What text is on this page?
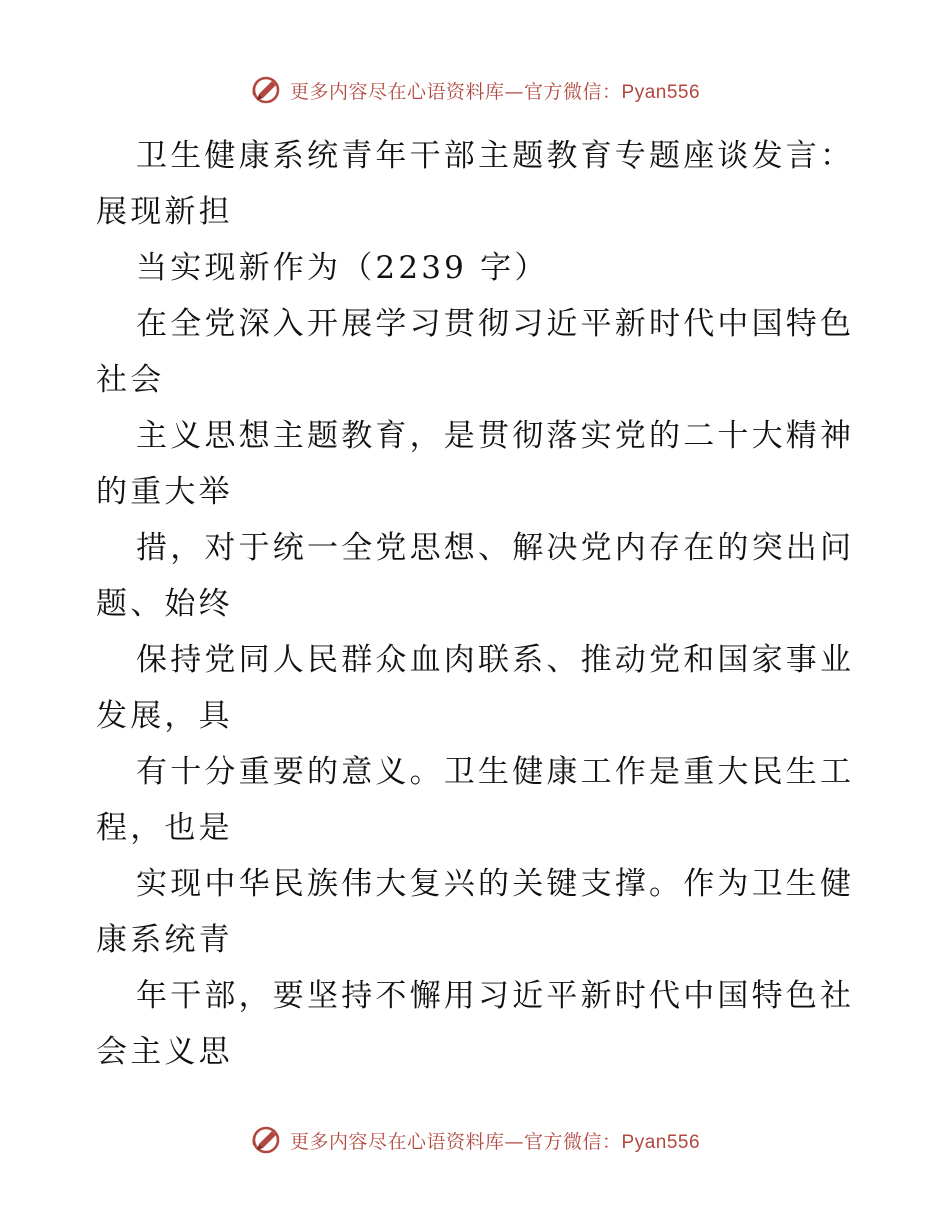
更多内容尽在心语资料库—官方微信：Pyan556
卫生健康系统青年干部主题教育专题座谈发言：
展现新担
当实现新作为（2239 字）
在全党深入开展学习贯彻习近平新时代中国特色
社会
主义思想主题教育，是贯彻落实党的二十大精神
的重大举
措，对于统一全党思想、解决党内存在的突出问
题、始终
保持党同人民群众血肉联系、推动党和国家事业
发展，具
有十分重要的意义。卫生健康工作是重大民生工
程，也是
实现中华民族伟大复兴的关键支撑。作为卫生健
康系统青
年干部，要坚持不懈用习近平新时代中国特色社
会主义思
更多内容尽在心语资料库—官方微信：Pyan556
